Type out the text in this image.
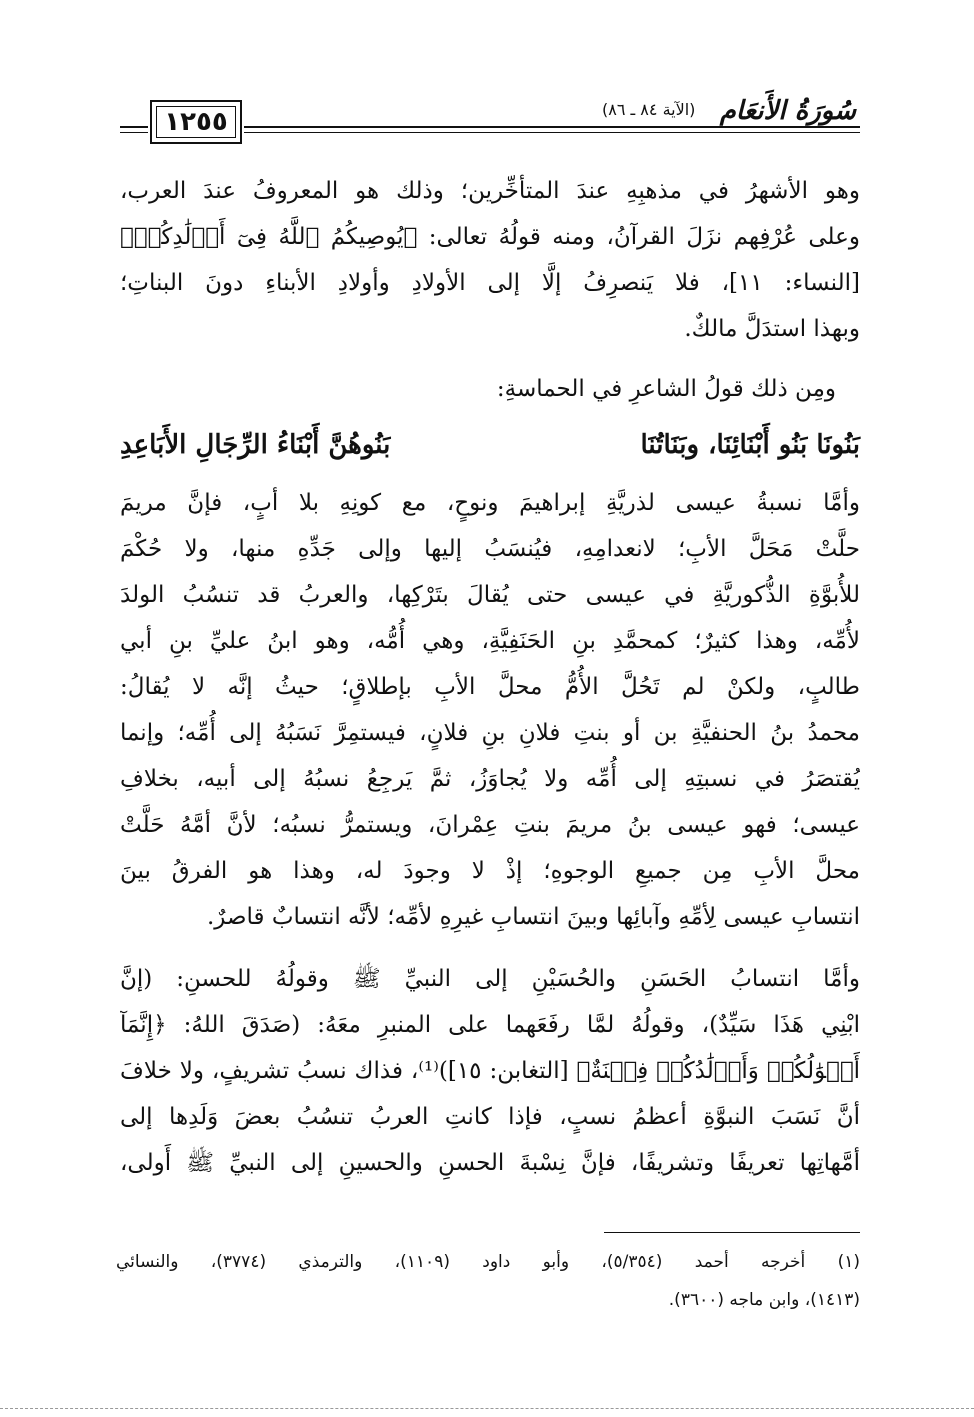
١٢٥٥	(الآية ٨٤ ـ ٨٦) سُورَةُ الأَنعَام
وهو الأشهرُ في مذهبِهِ عندَ المتأخِّرين؛ وذلك هو المعروفُ عندَ العرب،
وعلى عُرْفِهم نزَلَ القرآنُ، ومنه قولُهُ تعالى: ﴿يُوصِيكُمُ ٱللَّهُ فِىٓ أَوۡلَٰدِكُمۡ﴾
[النساء: ١١]، فلا يَنصرِفُ إلَّا إلى الأولادِ وأولادِ الأبناءِ دونَ البناتِ؛
وبهذا استدَلَّ مالكٌ.
ومِن ذلك قولُ الشاعرِ في الحماسةِ:
بَنُونَا بَنُو أَبْنَائِنَا، وبَنَاتُنَا
بَنُوهُنَّ أَبْنَاءُ الرِّجَالِ الأَبَاعِدِ
وأمَّا نسبةُ عيسى لذريَّةِ إبراهيمَ ونوحٍ، مع كونِهِ بلا أبٍ، فإنَّ مريمَ
حلَّتْ مَحَلَّ الأبِ؛ لانعدامِهِ، فيُنسَبُ إليها وإلى جَدِّهِ منها، ولا حُكْمَ
للأُبوَّةِ الذُّكوريَّةِ في عيسى حتى يُقالَ بتَرْكِها، والعربُ قد تنسُبُ الولدَ
لأُمِّه، وهذا كثيرٌ؛ كمحمَّدِ بنِ الحَنَفِيَّةِ، وهي أُمُّه، وهو ابنُ عليِّ بنِ أبي
طالبٍ، ولكنْ لم تَحُلَّ الأُمُّ محلَّ الأبِ بإطلاقٍ؛ حيثُ إنَّه لا يُقالُ:
محمدُ بنُ الحنفيَّةِ بن أو بنتِ فلانِ بنِ فلانٍ، فيستمِرَّ نَسَبُهُ إلى أُمِّه؛ وإنما
يُقتصَرُ في نسبتِهِ إلى أُمِّه ولا يُجاوَزُ، ثمَّ يَرجِعُ نسبُهُ إلى أبيه، بخلافِ
عيسى؛ فهو عيسى بنُ مريمَ بنتِ عِمْرانَ، ويستمرُّ نسبُه؛ لأنَّ أمَّهُ حَلَّتْ
محلَّ الأبِ مِن جميعِ الوجوهِ؛ إذْ لا وجودَ له، وهذا هو الفرقُ بينَ
انتسابِ عيسى لِأمِّهِ وآبائِها وبينَ انتسابِ غيرِهِ لأمِّه؛ لأنَّه انتسابٌ قاصرٌ.
وأمَّا انتسابُ الحَسَنِ والحُسَيْنِ إلى النبيِّ ﷺ وقولُهُ للحسنِ: (إنَّ
ابْنِي هَذَا سَيِّدٌ)، وقولُهُ لمَّا رفَعَهما على المنبرِ معَهُ: (صَدَقَ اللهُ: ﴿إِنَّمَآ
أَمۡوَٰلُكُمۡ وَأَوۡلَٰدُكُمۡ فِتۡنَةٌ﴾ [التغابن: ١٥])⁽¹⁾، فذاك نسبُ تشريفٍ، ولا خلافَ
أنَّ نَسَبَ النبوَّةِ أعظمُ نسبٍ، فإذا كانتِ العربُ تنسُبُ بعضَ وَلَدِها إلى
أمَّهاتِها تعريفًا وتشريفًا، فإنَّ نِسْبةَ الحسنِ والحسينِ إلى النبيِّ ﷺ أَولى،
(١) أخرجه أحمد (٥/٣٥٤)، وأبو داود (١١٠٩)، والترمذي (٣٧٧٤)، والنسائي
(١٤١٣)، وابن ماجه (٣٦٠٠).
